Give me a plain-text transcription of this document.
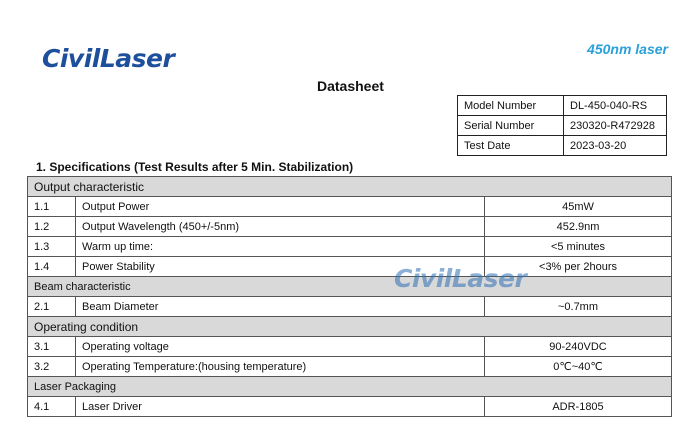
CivilLaser	450nm laser
Datasheet
Model Number	DL-450-040-RS
Serial Number	230320-R472928
Test Date	2023-03-20
1. Specifications (Test Results after 5 Min. Stabilization)
Output characteristic		
1.1	Output Power	45mW
1.2	Output Wavelength (450+/-5nm)	452.9nm
1.3	Warm up time:	<5 minutes
1.4	Power Stability	<3% per 2hours
Beam characteristic		
2.1	Beam Diameter	~0.7mm
Operating condition		
3.1	Operating voltage	90-240VDC
3.2	Operating Temperature:(housing temperature)	0℃~40℃
Laser Packaging		
4.1	Laser Driver	ADR-1805
CivilLaser
